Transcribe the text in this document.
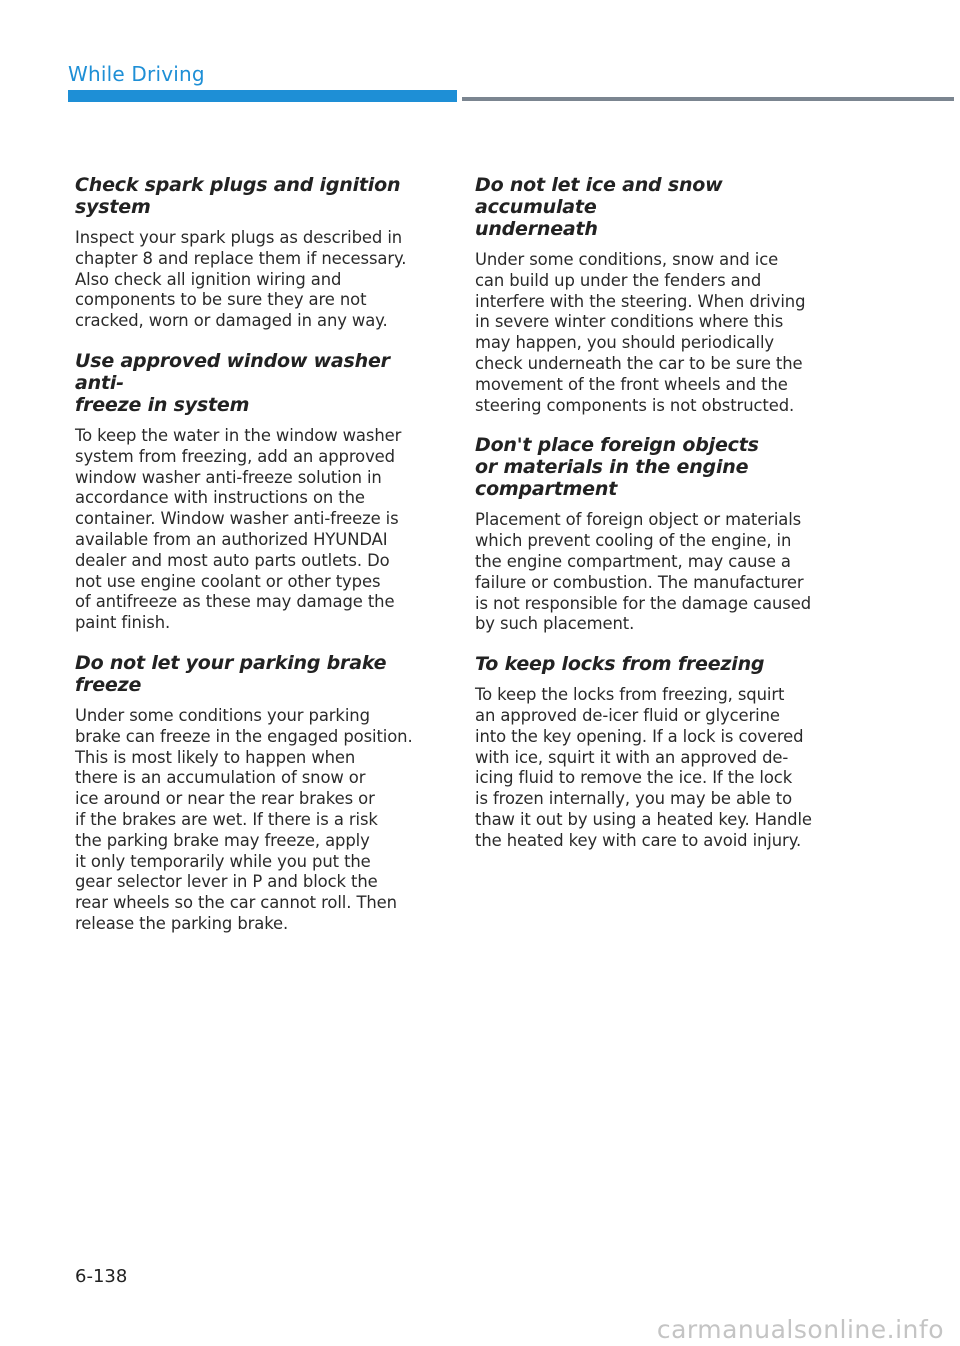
While Driving
Check spark plugs and ignition
system

Inspect your spark plugs as described in
chapter 8 and replace them if necessary.
Also check all ignition wiring and
components to be sure they are not
cracked, worn or damaged in any way.

Use approved window washer anti-
freeze in system

To keep the water in the window washer
system from freezing, add an approved
window washer anti-freeze solution in
accordance with instructions on the
container. Window washer anti-freeze is
available from an authorized HYUNDAI
dealer and most auto parts outlets. Do
not use engine coolant or other types
of antifreeze as these may damage the
paint finish.

Do not let your parking brake freeze

Under some conditions your parking
brake can freeze in the engaged position.
This is most likely to happen when
there is an accumulation of snow or
ice around or near the rear brakes or
if the brakes are wet. If there is a risk
the parking brake may freeze, apply
it only temporarily while you put the
gear selector lever in P and block the
rear wheels so the car cannot roll. Then
release the parking brake.

Do not let ice and snow accumulate
underneath

Under some conditions, snow and ice
can build up under the fenders and
interfere with the steering. When driving
in severe winter conditions where this
may happen, you should periodically
check underneath the car to be sure the
movement of the front wheels and the
steering components is not obstructed.

Don't place foreign objects
or materials in the engine
compartment

Placement of foreign object or materials
which prevent cooling of the engine, in
the engine compartment, may cause a
failure or combustion. The manufacturer
is not responsible for the damage caused
by such placement.

To keep locks from freezing

To keep the locks from freezing, squirt
an approved de-icer fluid or glycerine
into the key opening. If a lock is covered
with ice, squirt it with an approved de-
icing fluid to remove the ice. If the lock
is frozen internally, you may be able to
thaw it out by using a heated key. Handle
the heated key with care to avoid injury.

6-138
carmanualsonline.info
